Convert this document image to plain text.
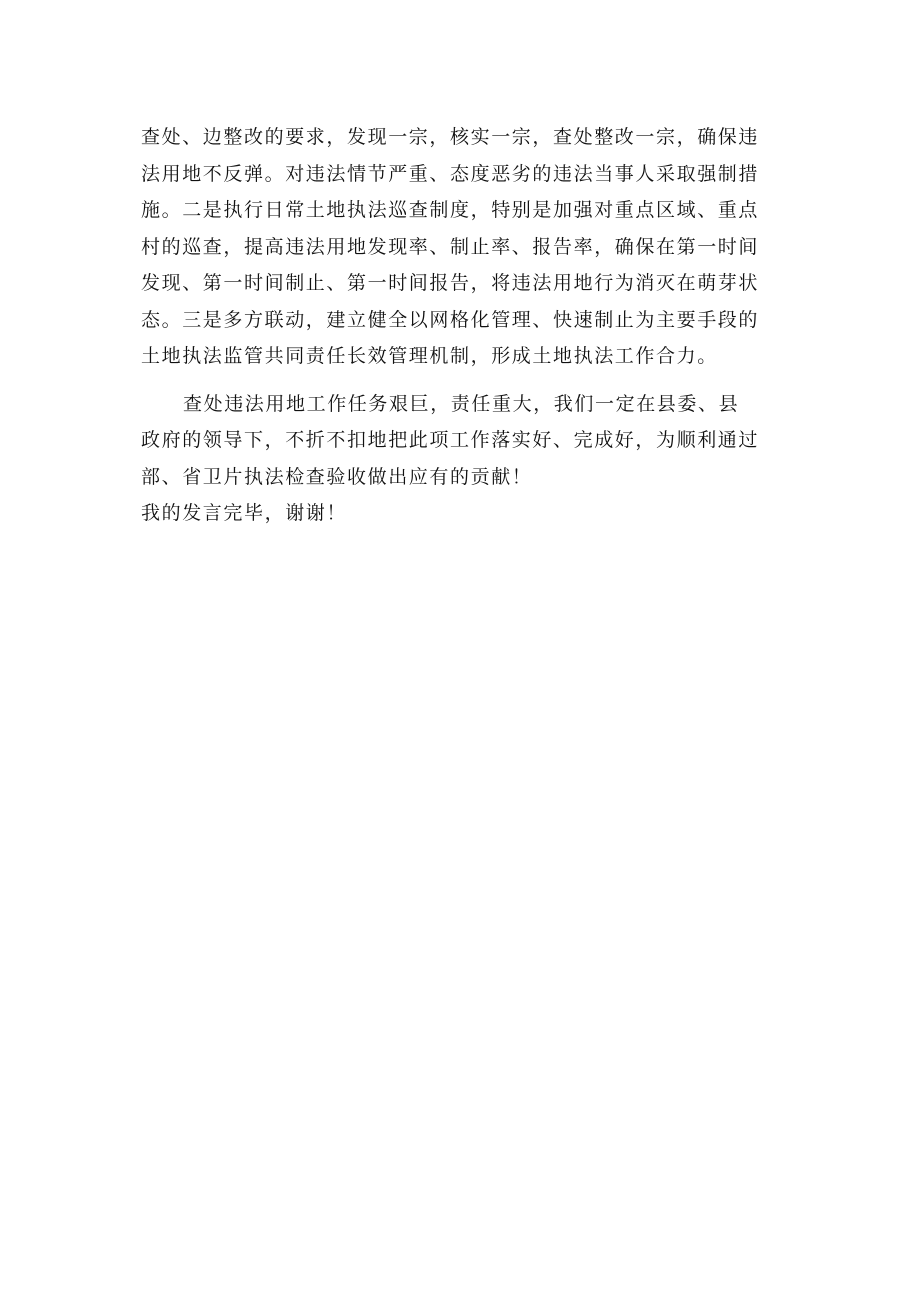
查处、边整改的要求，发现一宗，核实一宗，查处整改一宗，确保违
法用地不反弹。对违法情节严重、态度恶劣的违法当事人采取强制措
施。二是执行日常土地执法巡查制度，特别是加强对重点区域、重点
村的巡查，提高违法用地发现率、制止率、报告率，确保在第一时间
发现、第一时间制止、第一时间报告，将违法用地行为消灭在萌芽状
态。三是多方联动，建立健全以网格化管理、快速制止为主要手段的
土地执法监管共同责任长效管理机制，形成土地执法工作合力。
查处违法用地工作任务艰巨，责任重大，我们一定在县委、县
政府的领导下，不折不扣地把此项工作落实好、完成好，为顺利通过
部、省卫片执法检查验收做出应有的贡献！
我的发言完毕，谢谢！
